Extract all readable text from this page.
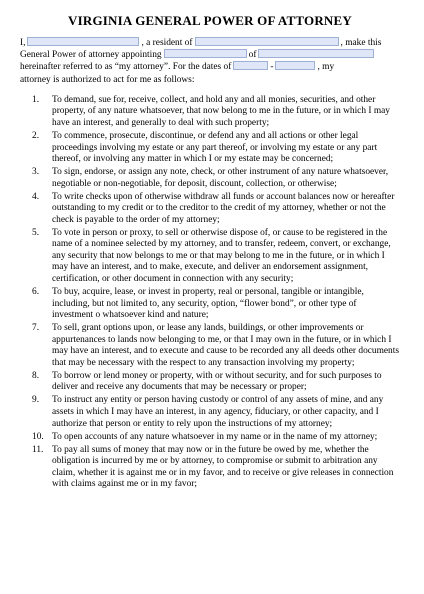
VIRGINIA GENERAL POWER OF ATTORNEY
I,	, a resident of	, make this
General Power of attorney appointing	of
hereinafter referred to as “my attorney”. For the dates of	-	, my
attorney is authorized to act for me as follows:
1.	To demand, sue for, receive, collect, and hold any and all monies, securities, and other property, of any nature whatsoever, that now belong to me in the future, or in which I may have an interest, and generally to deal with such property;
2.	To commence, prosecute, discontinue, or defend any and all actions or other legal proceedings involving my estate or any part thereof, or involving my estate or any part thereof, or involving any matter in which I or my estate may be concerned;
3.	To sign, endorse, or assign any note, check, or other instrument of any nature whatsoever, negotiable or non-negotiable, for deposit, discount, collection, or otherwise;
4.	To write checks upon of otherwise withdraw all funds or account balances now or hereafter outstanding to my credit or to the creditor to the credit of my attorney, whether or not the check is payable to the order of my attorney;
5.	To vote in person or proxy, to sell or otherwise dispose of, or cause to be registered in the name of a nominee selected by my attorney, and to transfer, redeem, convert, or exchange, any security that now belongs to me or that may belong to me in the future, or in which I may have an interest, and to make, execute, and deliver an endorsement assignment, certification, or other document in connection with any security;
6.	To buy, acquire, lease, or invest in property, real or personal, tangible or intangible, including, but not limited to, any security, option, “flower bond”, or other type of investment o whatsoever kind and nature;
7.	To sell, grant options upon, or lease any lands, buildings, or other improvements or appurtenances to lands now belonging to me, or that I may own in the future, or in which I may have an interest, and to execute and cause to be recorded any all deeds other documents that may be necessary with the respect to any transaction involving my property;
8.	To borrow or lend money or property, with or without security, and for such purposes to deliver and receive any documents that may be necessary or proper;
9.	To instruct any entity or person having custody or control of any assets of mine, and any assets in which I may have an interest, in any agency, fiduciary, or other capacity, and I authorize that person or entity to rely upon the instructions of my attorney;
10. To open accounts of any nature whatsoever in my name or in the name of my attorney;
11. To pay all sums of money that may now or in the future be owed by me, whether the obligation is incurred by me or by attorney, to compromise or submit to arbitration any claim, whether it is against me or in my favor, and to receive or give releases in connection with claims against me or in my favor;
